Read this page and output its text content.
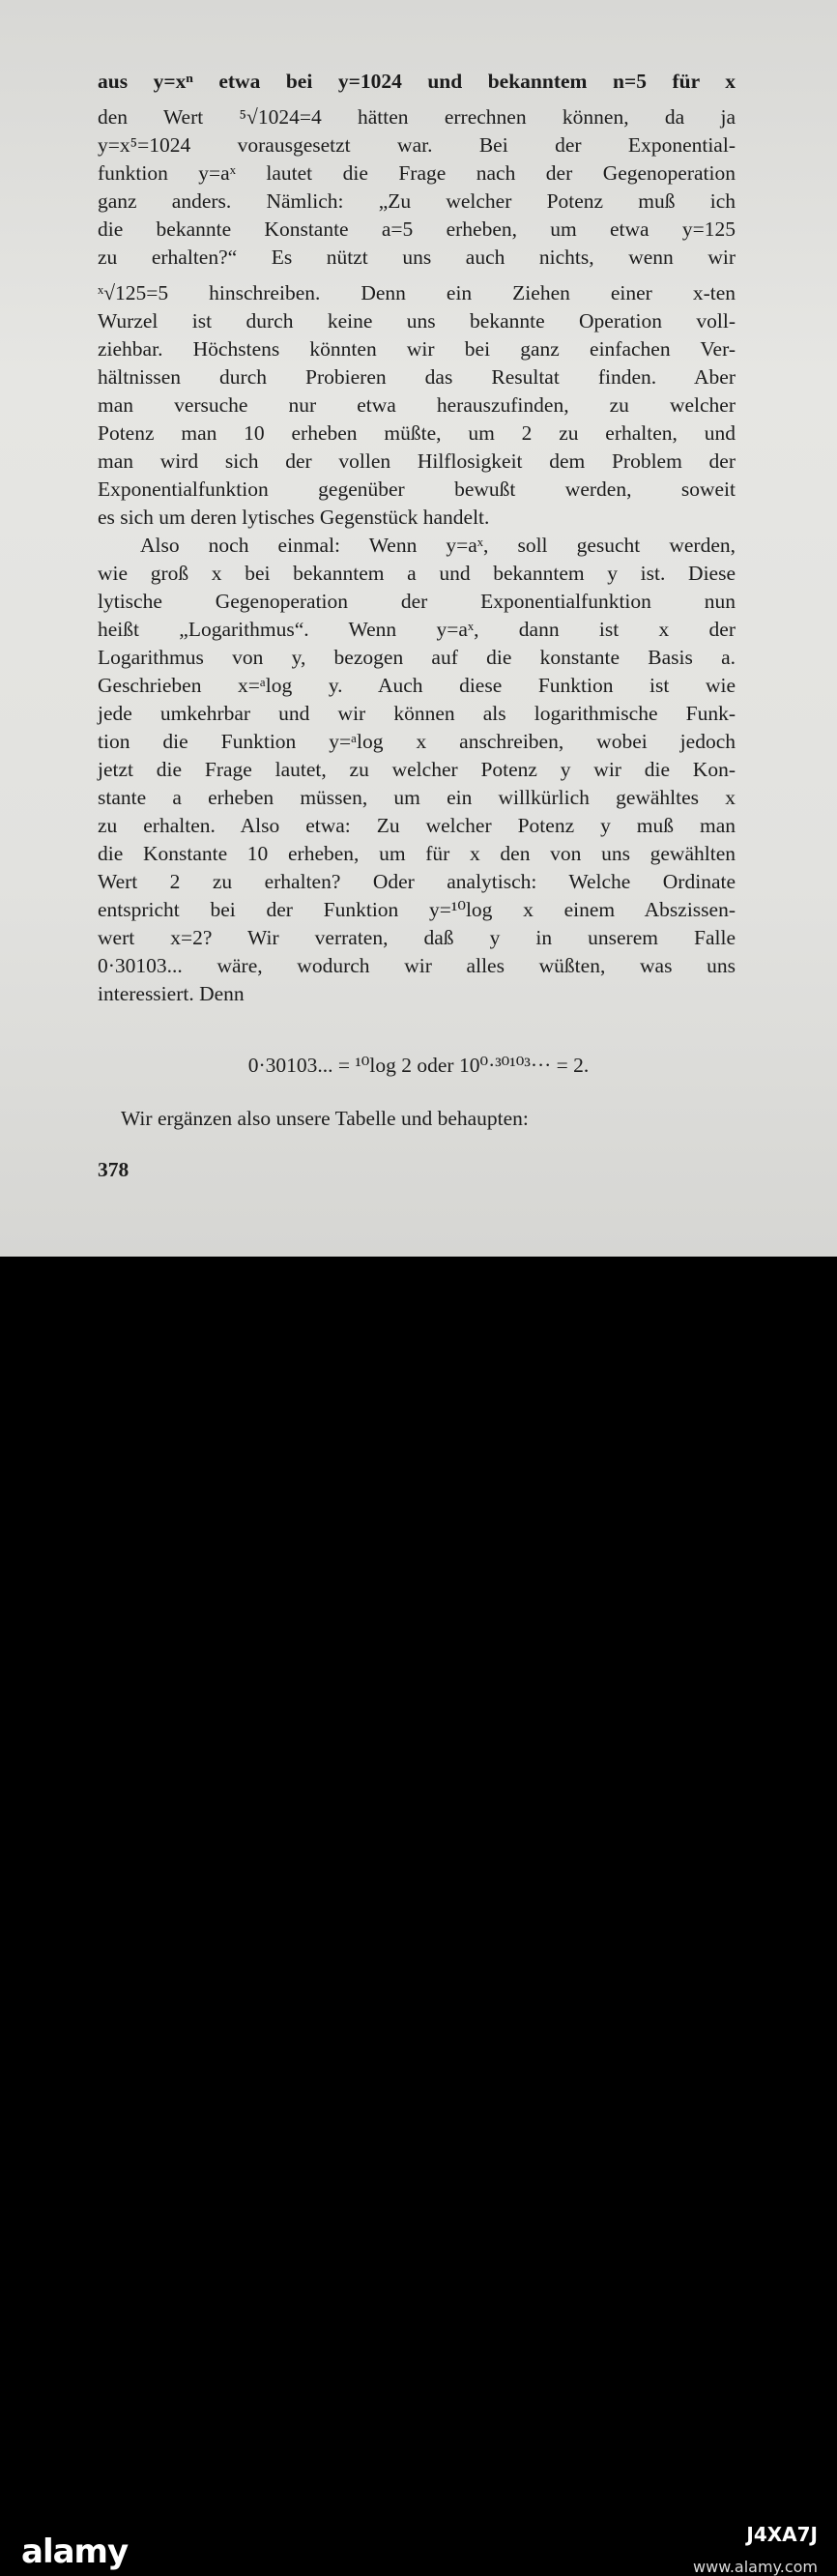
aus y=xⁿ etwa bei y=1024 und bekanntem n=5 für x
den Wert ⁵√1024=4 hätten errechnen können, da ja
y=x⁵=1024 vorausgesetzt war. Bei der Exponential-
funktion y=aˣ lautet die Frage nach der Gegenoperation
ganz anders. Nämlich: „Zu welcher Potenz muß ich
die bekannte Konstante a=5 erheben, um etwa y=125
zu erhalten?“ Es nützt uns auch nichts, wenn wir
ˣ√125=5 hinschreiben. Denn ein Ziehen einer x-ten
Wurzel ist durch keine uns bekannte Operation voll-
ziehbar. Höchstens könnten wir bei ganz einfachen Ver-
hältnissen durch Probieren das Resultat finden. Aber
man versuche nur etwa herauszufinden, zu welcher
Potenz man 10 erheben müßte, um 2 zu erhalten, und
man wird sich der vollen Hilflosigkeit dem Problem der
Exponentialfunktion gegenüber bewußt werden, soweit
es sich um deren lytisches Gegenstück handelt.
Also noch einmal: Wenn y=aˣ, soll gesucht werden,
wie groß x bei bekanntem a und bekanntem y ist. Diese
lytische Gegenoperation der Exponentialfunktion nun
heißt „Logarithmus“. Wenn y=aˣ, dann ist x der
Logarithmus von y, bezogen auf die konstante Basis a.
Geschrieben x=ᵃlog y. Auch diese Funktion ist wie
jede umkehrbar und wir können als logarithmische Funk-
tion die Funktion y=ᵃlog x anschreiben, wobei jedoch
jetzt die Frage lautet, zu welcher Potenz y wir die Kon-
stante a erheben müssen, um ein willkürlich gewähltes x
zu erhalten. Also etwa: Zu welcher Potenz y muß man
die Konstante 10 erheben, um für x den von uns gewählten
Wert 2 zu erhalten? Oder analytisch: Welche Ordinate
entspricht bei der Funktion y=¹⁰log x einem Abszissen-
wert x=2? Wir verraten, daß y in unserem Falle
0·30103... wäre, wodurch wir alles wüßten, was uns
interessiert. Denn
0·30103... = ¹⁰log 2 oder 10⁰·³⁰¹⁰³··· = 2.
Wir ergänzen also unsere Tabelle und behaupten:
378
alamy	J4XA7J
www.alamy.com
